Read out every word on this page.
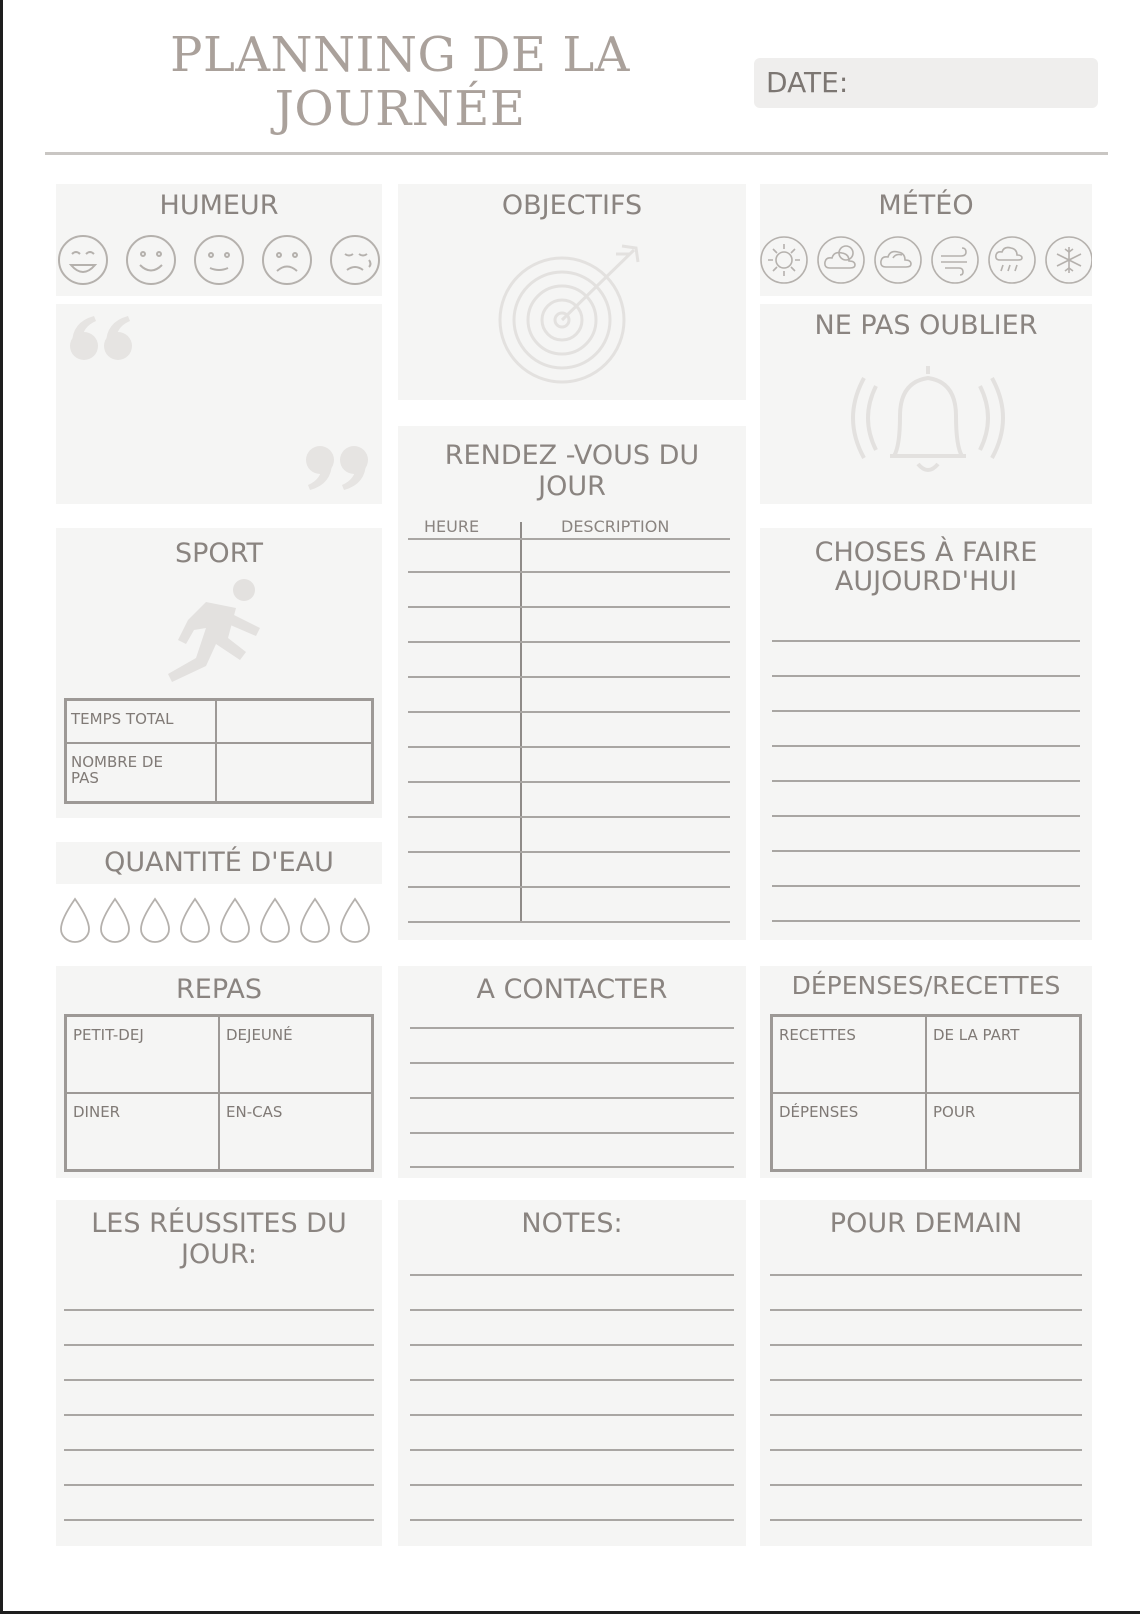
PLANNING DE LA
JOURNÉE	DATE:
HUMEUR	OBJECTIFS	MÉTÉO
NE PAS OUBLIER
RENDEZ -VOUS DU
JOUR
HEURE	DESCRIPTION
SPORT
TEMPS TOTAL
NOMBRE DE
PAS
CHOSES À FAIRE
AUJOURD'HUI
QUANTITÉ D'EAU
REPAS
PETIT-DEJ	DEJEUNÉ
DINER	EN-CAS
A CONTACTER	DÉPENSES/RECETTES
RECETTES	DE LA PART
DÉPENSES	POUR
LES RÉUSSITES DU
JOUR:
NOTES:	POUR DEMAIN
